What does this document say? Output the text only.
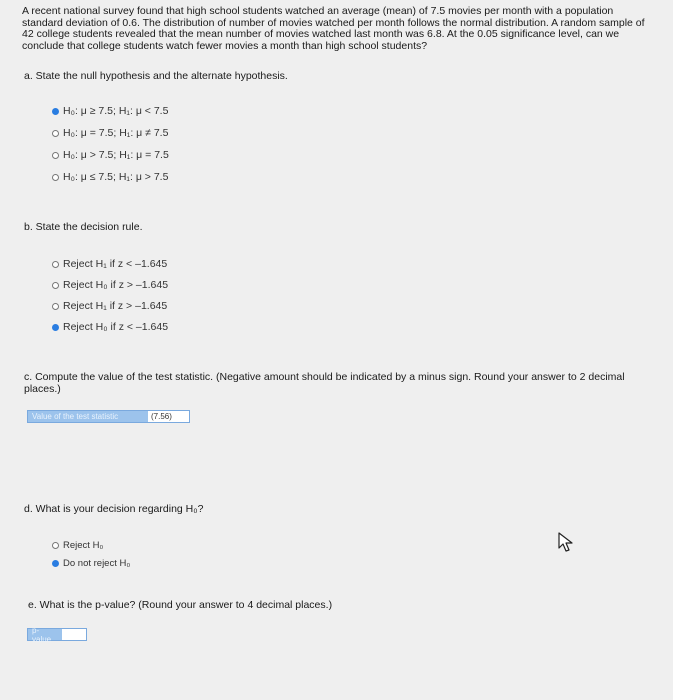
A recent national survey found that high school students watched an average (mean) of 7.5 movies per month with a population standard deviation of 0.6. The distribution of number of movies watched per month follows the normal distribution. A random sample of 42 college students revealed that the mean number of movies watched last month was 6.8. At the 0.05 significance level, can we conclude that college students watch fewer movies a month than high school students?
a. State the null hypothesis and the alternate hypothesis.
H₀: μ ≥ 7.5; H₁: μ < 7.5
H₀: μ = 7.5; H₁: μ ≠ 7.5
H₀: μ > 7.5; H₁: μ = 7.5
H₀: μ ≤ 7.5; H₁: μ > 7.5
b. State the decision rule.
Reject H₁ if z < –1.645
Reject H₀ if z > –1.645
Reject H₁ if z > –1.645
Reject H₀ if z < –1.645
c. Compute the value of the test statistic. (Negative amount should be indicated by a minus sign. Round your answer to 2 decimal places.)
Value of the test statistic	(7.56)
d. What is your decision regarding H₀?
Reject H₀
Do not reject H₀
e. What is the p-value? (Round your answer to 4 decimal places.)
p-value
